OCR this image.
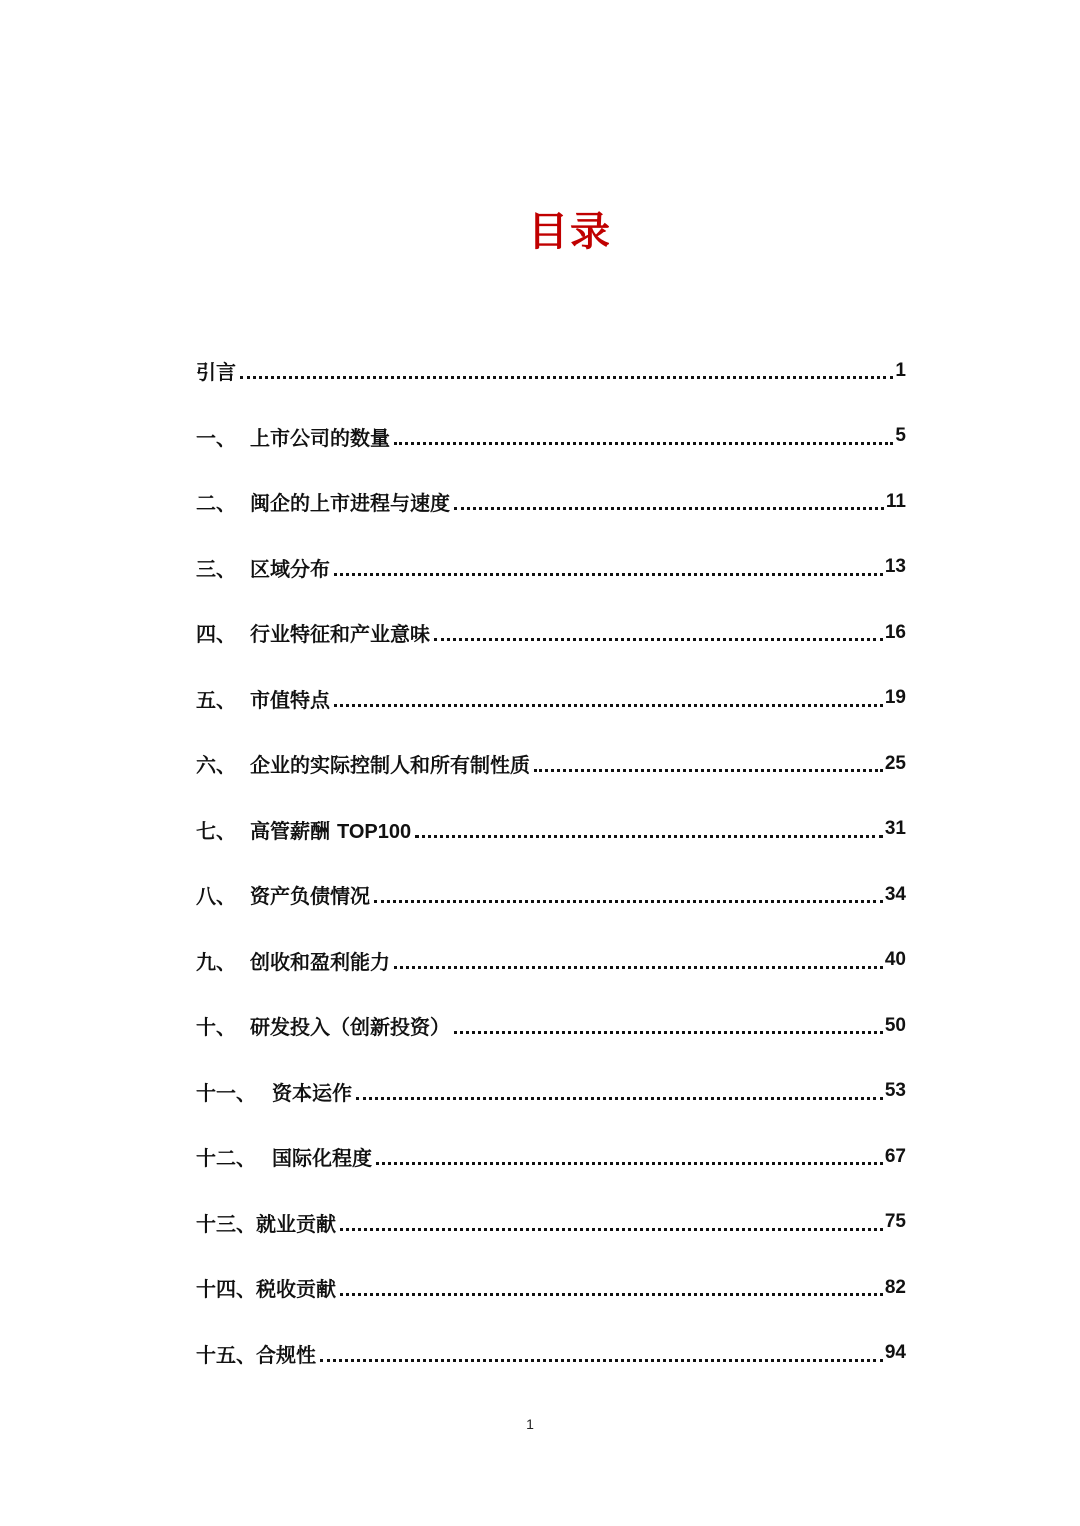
目录
引言	1
一、 上市公司的数量	5
二、 闽企的上市进程与速度	11
三、 区域分布	13
四、 行业特征和产业意味	16
五、 市值特点	19
六、 企业的实际控制人和所有制性质	25
七、 高管薪酬 TOP100	31
八、 资产负债情况	34
九、 创收和盈利能力	40
十、 研发投入（创新投资）	50
十一、 资本运作	53
十二、 国际化程度	67
十三、 就业贡献	75
十四、 税收贡献	82
十五、 合规性	94
1
